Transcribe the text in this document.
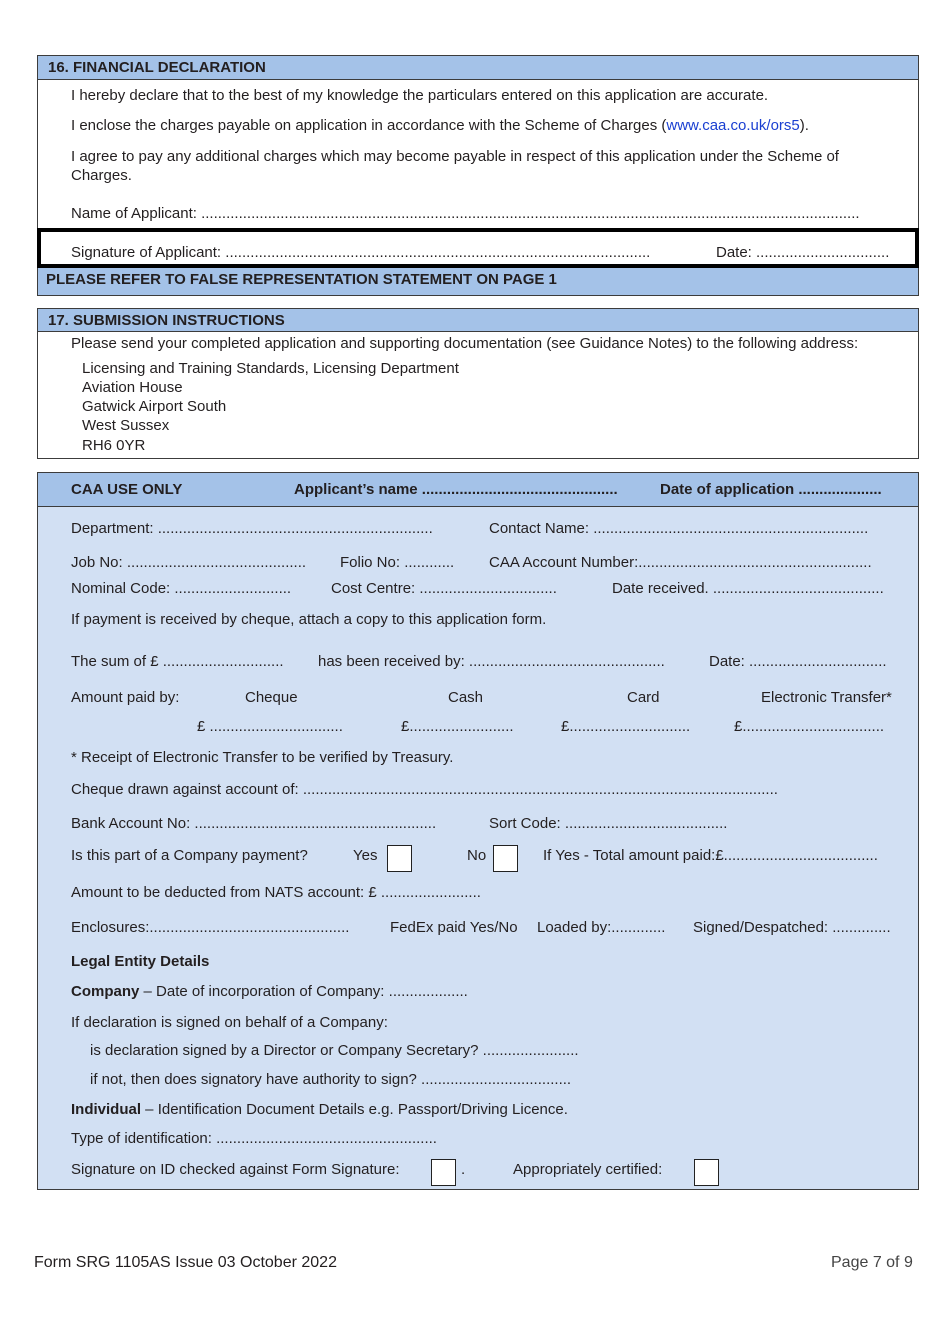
16. FINANCIAL DECLARATION
I hereby declare that to the best of my knowledge the particulars entered on this application are accurate.
I enclose the charges payable on application in accordance with the Scheme of Charges (www.caa.co.uk/ors5).
I agree to pay any additional charges which may become payable in respect of this application under the Scheme of
Charges.
Name of Applicant: ..............................................................................................................................................................
Signature of Applicant: ......................................................................................................	Date: ................................
PLEASE REFER TO FALSE REPRESENTATION STATEMENT ON PAGE 1
17. SUBMISSION INSTRUCTIONS
Please send your completed application and supporting documentation (see Guidance Notes) to the following address:
Licensing and Training Standards, Licensing Department
Aviation House
Gatwick Airport South
West Sussex
RH6 0YR
CAA USE ONLY	Applicant’s name ...............................................	Date of application ....................
Department: ..................................................................	Contact Name: ..................................................................
Job No: ........................................... Folio No: ............ CAA Account Number:........................................................
Nominal Code: ............................	Cost Centre: .................................	Date received. .........................................
If payment is received by cheque, attach a copy to this application form.
The sum of £ ............................. has been received by: ...............................................	Date: .................................
Amount paid by:	Cheque	Cash	Card	Electronic Transfer*
£ ................................	£.........................	£.............................	£..................................
* Receipt of Electronic Transfer to be verified by Treasury.
Cheque drawn against account of: ..................................................................................................................
Bank Account No: ..........................................................	Sort Code: .......................................
Is this part of a Company payment?	Yes	No	If Yes - Total amount paid:£.....................................
Amount to be deducted from NATS account: £ ........................
Enclosures:................................................	FedEx paid Yes/No Loaded by:............. Signed/Despatched: ..............
Legal Entity Details
Company – Date of incorporation of Company: ...................
If declaration is signed on behalf of a Company:
is declaration signed by a Director or Company Secretary? .......................
if not, then does signatory have authority to sign? ....................................
Individual – Identification Document Details e.g. Passport/Driving Licence.
Type of identification: .....................................................
Signature on ID checked against Form Signature:	.	Appropriately certified:
Form SRG 1105AS Issue 03 October 2022	Page 7 of 9
